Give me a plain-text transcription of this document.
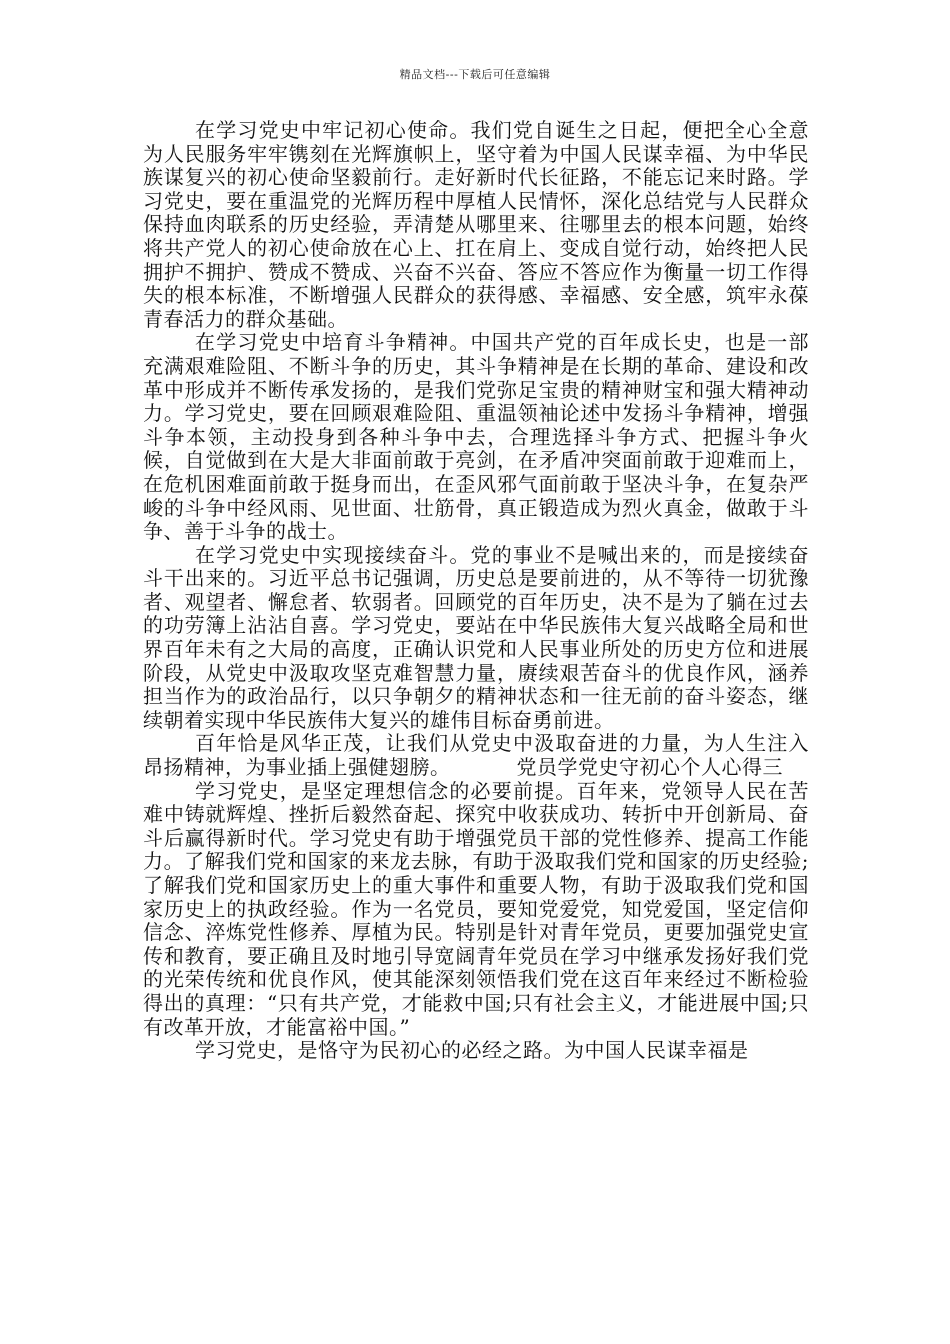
精品文档---下载后可任意编辑

在学习党史中牢记初心使命。我们党自诞生之日起，便把全心全意为人民服务牢牢镌刻在光辉旗帜上，坚守着为中国人民谋幸福、为中华民族谋复兴的初心使命坚毅前行。走好新时代长征路，不能忘记来时路。学习党史，要在重温党的光辉历程中厚植人民情怀，深化总结党与人民群众保持血肉联系的历史经验，弄清楚从哪里来、往哪里去的根本问题，始终将共产党人的初心使命放在心上、扛在肩上、变成自觉行动，始终把人民拥护不拥护、赞成不赞成、兴奋不兴奋、答应不答应作为衡量一切工作得失的根本标准，不断增强人民群众的获得感、幸福感、安全感，筑牢永葆青春活力的群众基础。

在学习党史中培育斗争精神。中国共产党的百年成长史，也是一部充满艰难险阻、不断斗争的历史，其斗争精神是在长期的革命、建设和改革中形成并不断传承发扬的，是我们党弥足宝贵的精神财宝和强大精神动力。学习党史，要在回顾艰难险阻、重温领袖论述中发扬斗争精神，增强斗争本领，主动投身到各种斗争中去，合理选择斗争方式、把握斗争火候，自觉做到在大是大非面前敢于亮剑，在矛盾冲突面前敢于迎难而上，在危机困难面前敢于挺身而出，在歪风邪气面前敢于坚决斗争，在复杂严峻的斗争中经风雨、见世面、壮筋骨，真正锻造成为烈火真金，做敢于斗争、善于斗争的战士。

在学习党史中实现接续奋斗。党的事业不是喊出来的，而是接续奋斗干出来的。习近平总书记强调，历史总是要前进的，从不等待一切犹豫者、观望者、懈怠者、软弱者。回顾党的百年历史，决不是为了躺在过去的功劳簿上沾沾自喜。学习党史，要站在中华民族伟大复兴战略全局和世界百年未有之大局的高度，正确认识党和人民事业所处的历史方位和进展阶段，从党史中汲取攻坚克难智慧力量，赓续艰苦奋斗的优良作风，涵养担当作为的政治品行，以只争朝夕的精神状态和一往无前的奋斗姿态，继续朝着实现中华民族伟大复兴的雄伟目标奋勇前进。

百年恰是风华正茂，让我们从党史中汲取奋进的力量，为人生注入昂扬精神，为事业插上强健翅膀。	党员学党史守初心个人心得三

学习党史，是坚定理想信念的必要前提。百年来，党领导人民在苦难中铸就辉煌、挫折后毅然奋起、探究中收获成功、转折中开创新局、奋斗后赢得新时代。学习党史有助于增强党员干部的党性修养、提高工作能力。了解我们党和国家的来龙去脉，有助于汲取我们党和国家的历史经验;了解我们党和国家历史上的重大事件和重要人物，有助于汲取我们党和国家历史上的执政经验。作为一名党员，要知党爱党，知党爱国，坚定信仰信念、淬炼党性修养、厚植为民。特别是针对青年党员，更要加强党史宣传和教育，要正确且及时地引导宽阔青年党员在学习中继承发扬好我们党的光荣传统和优良作风，使其能深刻领悟我们党在这百年来经过不断检验得出的真理：“只有共产党，才能救中国;只有社会主义，才能进展中国;只有改革开放，才能富裕中国。”

学习党史，是恪守为民初心的必经之路。为中国人民谋幸福是
